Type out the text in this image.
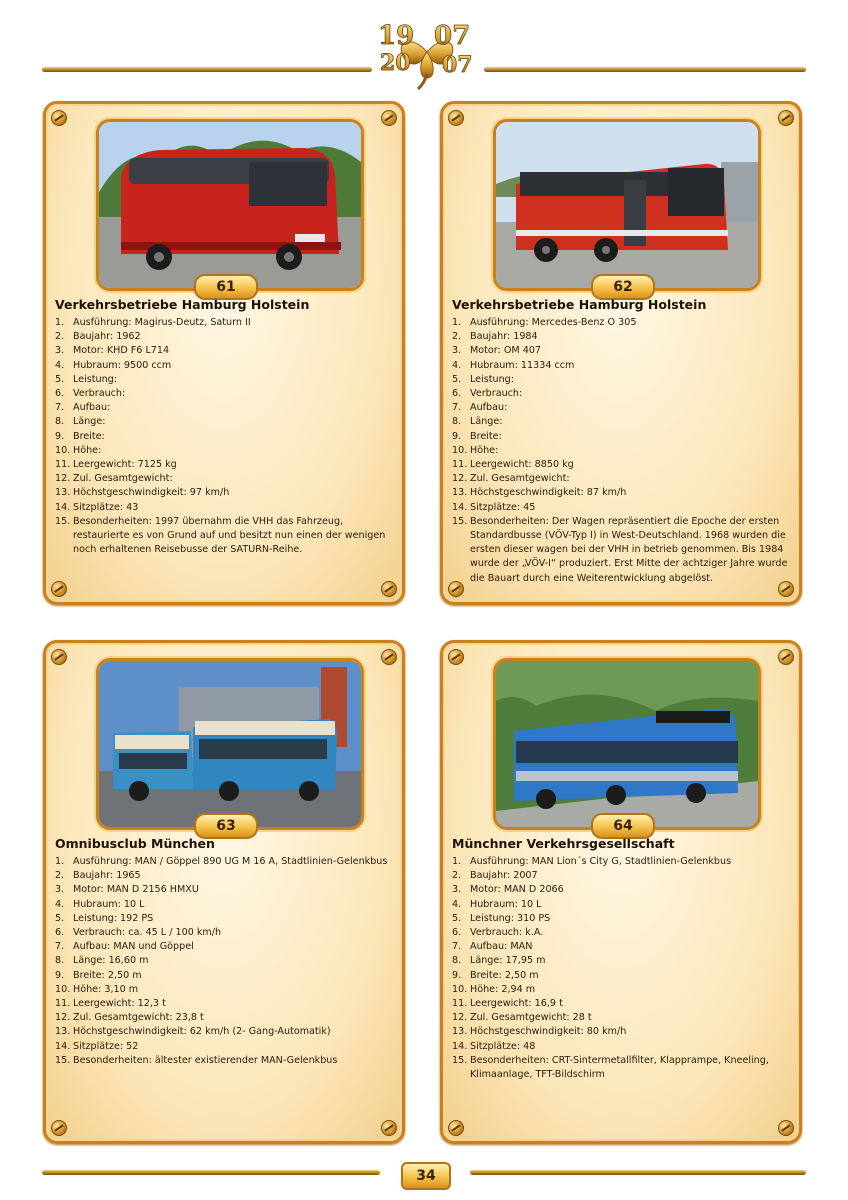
19 07
20 07
61
Verkehrsbetriebe Hamburg Holstein
1. Ausführung: Magirus-Deutz, Saturn II
2. Baujahr: 1962
3. Motor: KHD F6 L714
4. Hubraum: 9500 ccm
5. Leistung:
6. Verbrauch:
7. Aufbau:
8. Länge:
9. Breite:
10. Höhe:
11. Leergewicht: 7125 kg
12. Zul. Gesamtgewicht:
13. Höchstgeschwindigkeit: 97 km/h
14. Sitzplätze: 43
15. Besonderheiten: 1997 übernahm die VHH das Fahrzeug, restaurierte es von Grund auf und besitzt nun einen der wenigen noch erhaltenen Reisebusse der SATURN-Reihe.
62
Verkehrsbetriebe Hamburg Holstein
1. Ausführung: Mercedes-Benz O 305
2. Baujahr: 1984
3. Motor: OM 407
4. Hubraum: 11334 ccm
5. Leistung:
6. Verbrauch:
7. Aufbau:
8. Länge:
9. Breite:
10. Höhe:
11. Leergewicht: 8850 kg
12. Zul. Gesamtgewicht:
13. Höchstgeschwindigkeit: 87 km/h
14. Sitzplätze: 45
15. Besonderheiten: Der Wagen repräsentiert die Epoche der ersten Standardbusse (VÖV-Typ I) in West-Deutschland. 1968 wurden die ersten dieser wagen bei der VHH in betrieb genommen. Bis 1984 wurde der „VÖV-I“ produziert. Erst Mitte der achtziger Jahre wurde die Bauart durch eine Weiterentwicklung abgelöst.
63
Omnibusclub München
1. Ausführung: MAN / Göppel 890 UG M 16 A, Stadtlinien-Gelenkbus
2. Baujahr: 1965
3. Motor: MAN D 2156 HMXU
4. Hubraum: 10 L
5. Leistung: 192 PS
6. Verbrauch: ca. 45 L / 100 km/h
7. Aufbau: MAN und Göppel
8. Länge: 16,60 m
9. Breite: 2,50 m
10. Höhe: 3,10 m
11. Leergewicht: 12,3 t
12. Zul. Gesamtgewicht: 23,8 t
13. Höchstgeschwindigkeit: 62 km/h (2- Gang-Automatik)
14. Sitzplätze: 52
15. Besonderheiten: ältester existierender MAN-Gelenkbus
64
Münchner Verkehrsgesellschaft
1. Ausführung: MAN Lion´s City G, Stadtlinien-Gelenkbus
2. Baujahr: 2007
3. Motor: MAN D 2066
4. Hubraum: 10 L
5. Leistung: 310 PS
6. Verbrauch: k.A.
7. Aufbau: MAN
8. Länge: 17,95 m
9. Breite: 2,50 m
10. Höhe: 2,94 m
11. Leergewicht: 16,9 t
12. Zul. Gesamtgewicht: 28 t
13. Höchstgeschwindigkeit: 80 km/h
14. Sitzplätze: 48
15. Besonderheiten: CRT-Sintermetallfilter, Klapprampe, Kneeling, Klimaanlage, TFT-Bildschirm
34
